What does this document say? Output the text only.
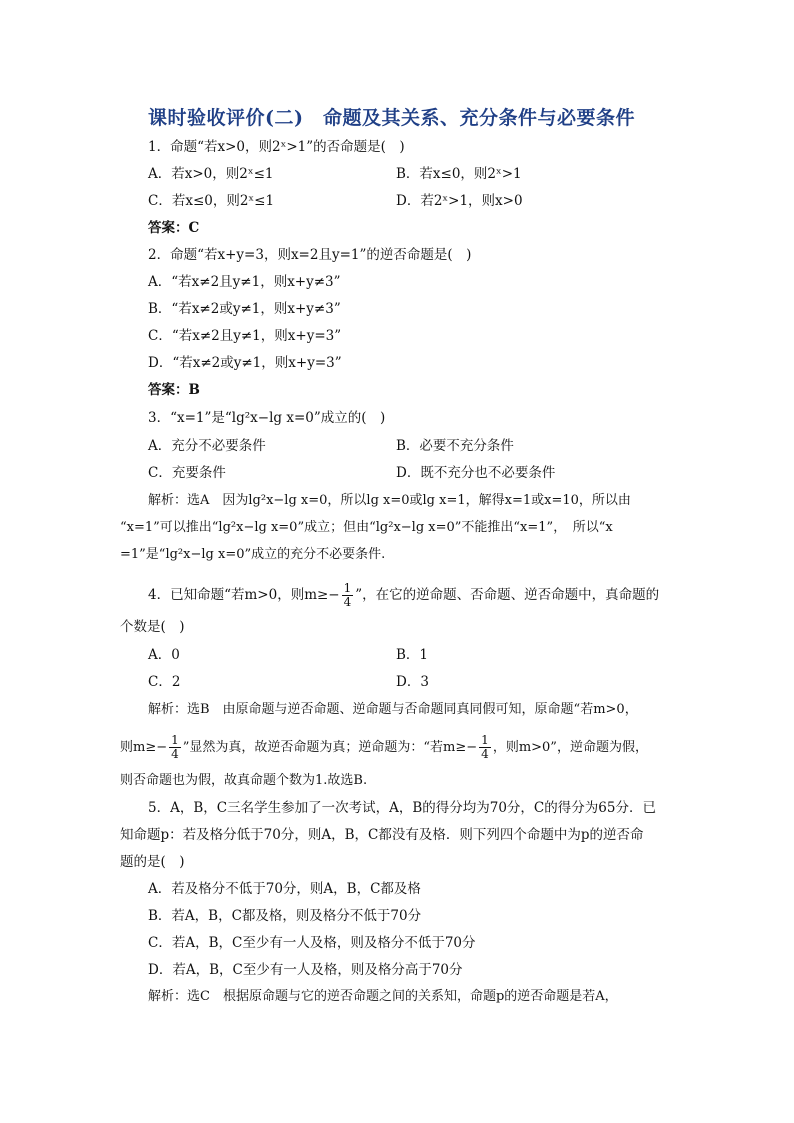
课时验收评价(二)　命题及其关系、充分条件与必要条件
1．命题“若x>0，则2ˣ>1”的否命题是(　)
A．若x>0，则2ˣ≤1	B．若x≤0，则2ˣ>1
C．若x≤0，则2ˣ≤1	D．若2ˣ>1，则x>0
答案：C
2．命题“若x+y=3，则x=2且y=1”的逆否命题是(　)
A．“若x≠2且y≠1，则x+y≠3”
B．“若x≠2或y≠1，则x+y≠3”
C．“若x≠2且y≠1，则x+y=3”
D．“若x≠2或y≠1，则x+y=3”
答案：B
3．“x=1”是“lg²x−lg x=0”成立的(　)
A．充分不必要条件	B．必要不充分条件
C．充要条件	D．既不充分也不必要条件
解析：选A　因为lg²x−lg x=0，所以lg x=0或lg x=1，解得x=1或x=10，所以由
“x=1”可以推出“lg²x−lg x=0”成立；但由“lg²x−lg x=0”不能推出“x=1”，　所以“x
=1”是“lg²x−lg x=0”成立的充分不必要条件.
4．已知命题“若m>0，则$m\ge- \frac{1}{4}$ ”，在它的逆命题、否命题、逆否命题中，真命题的
个数是(　)
A．0	B．1
C．2	D．3
解析：选B　由原命题与逆否命题、逆命题与否命题同真同假可知，原命题“若m>0，
则$m\ge- \frac{1}{4}$ ”显然为真，故逆否命题为真；逆命题为：“若$m\ge- \frac{1}{4}$ ，则m>0”，逆命题为假，
则否命题也为假，故真命题个数为1.故选B.
5．A，B，C三名学生参加了一次考试，A，B的得分均为70分，C的得分为65分．已
知命题p：若及格分低于70分，则A，B，C都没有及格．则下列四个命题中为p的逆否命
题的是(　)
A．若及格分不低于70分，则A，B，C都及格
B．若A，B，C都及格，则及格分不低于70分
C．若A，B，C至少有一人及格，则及格分不低于70分
D．若A，B，C至少有一人及格，则及格分高于70分
解析：选C　根据原命题与它的逆否命题之间的关系知，命题p的逆否命题是若A，
